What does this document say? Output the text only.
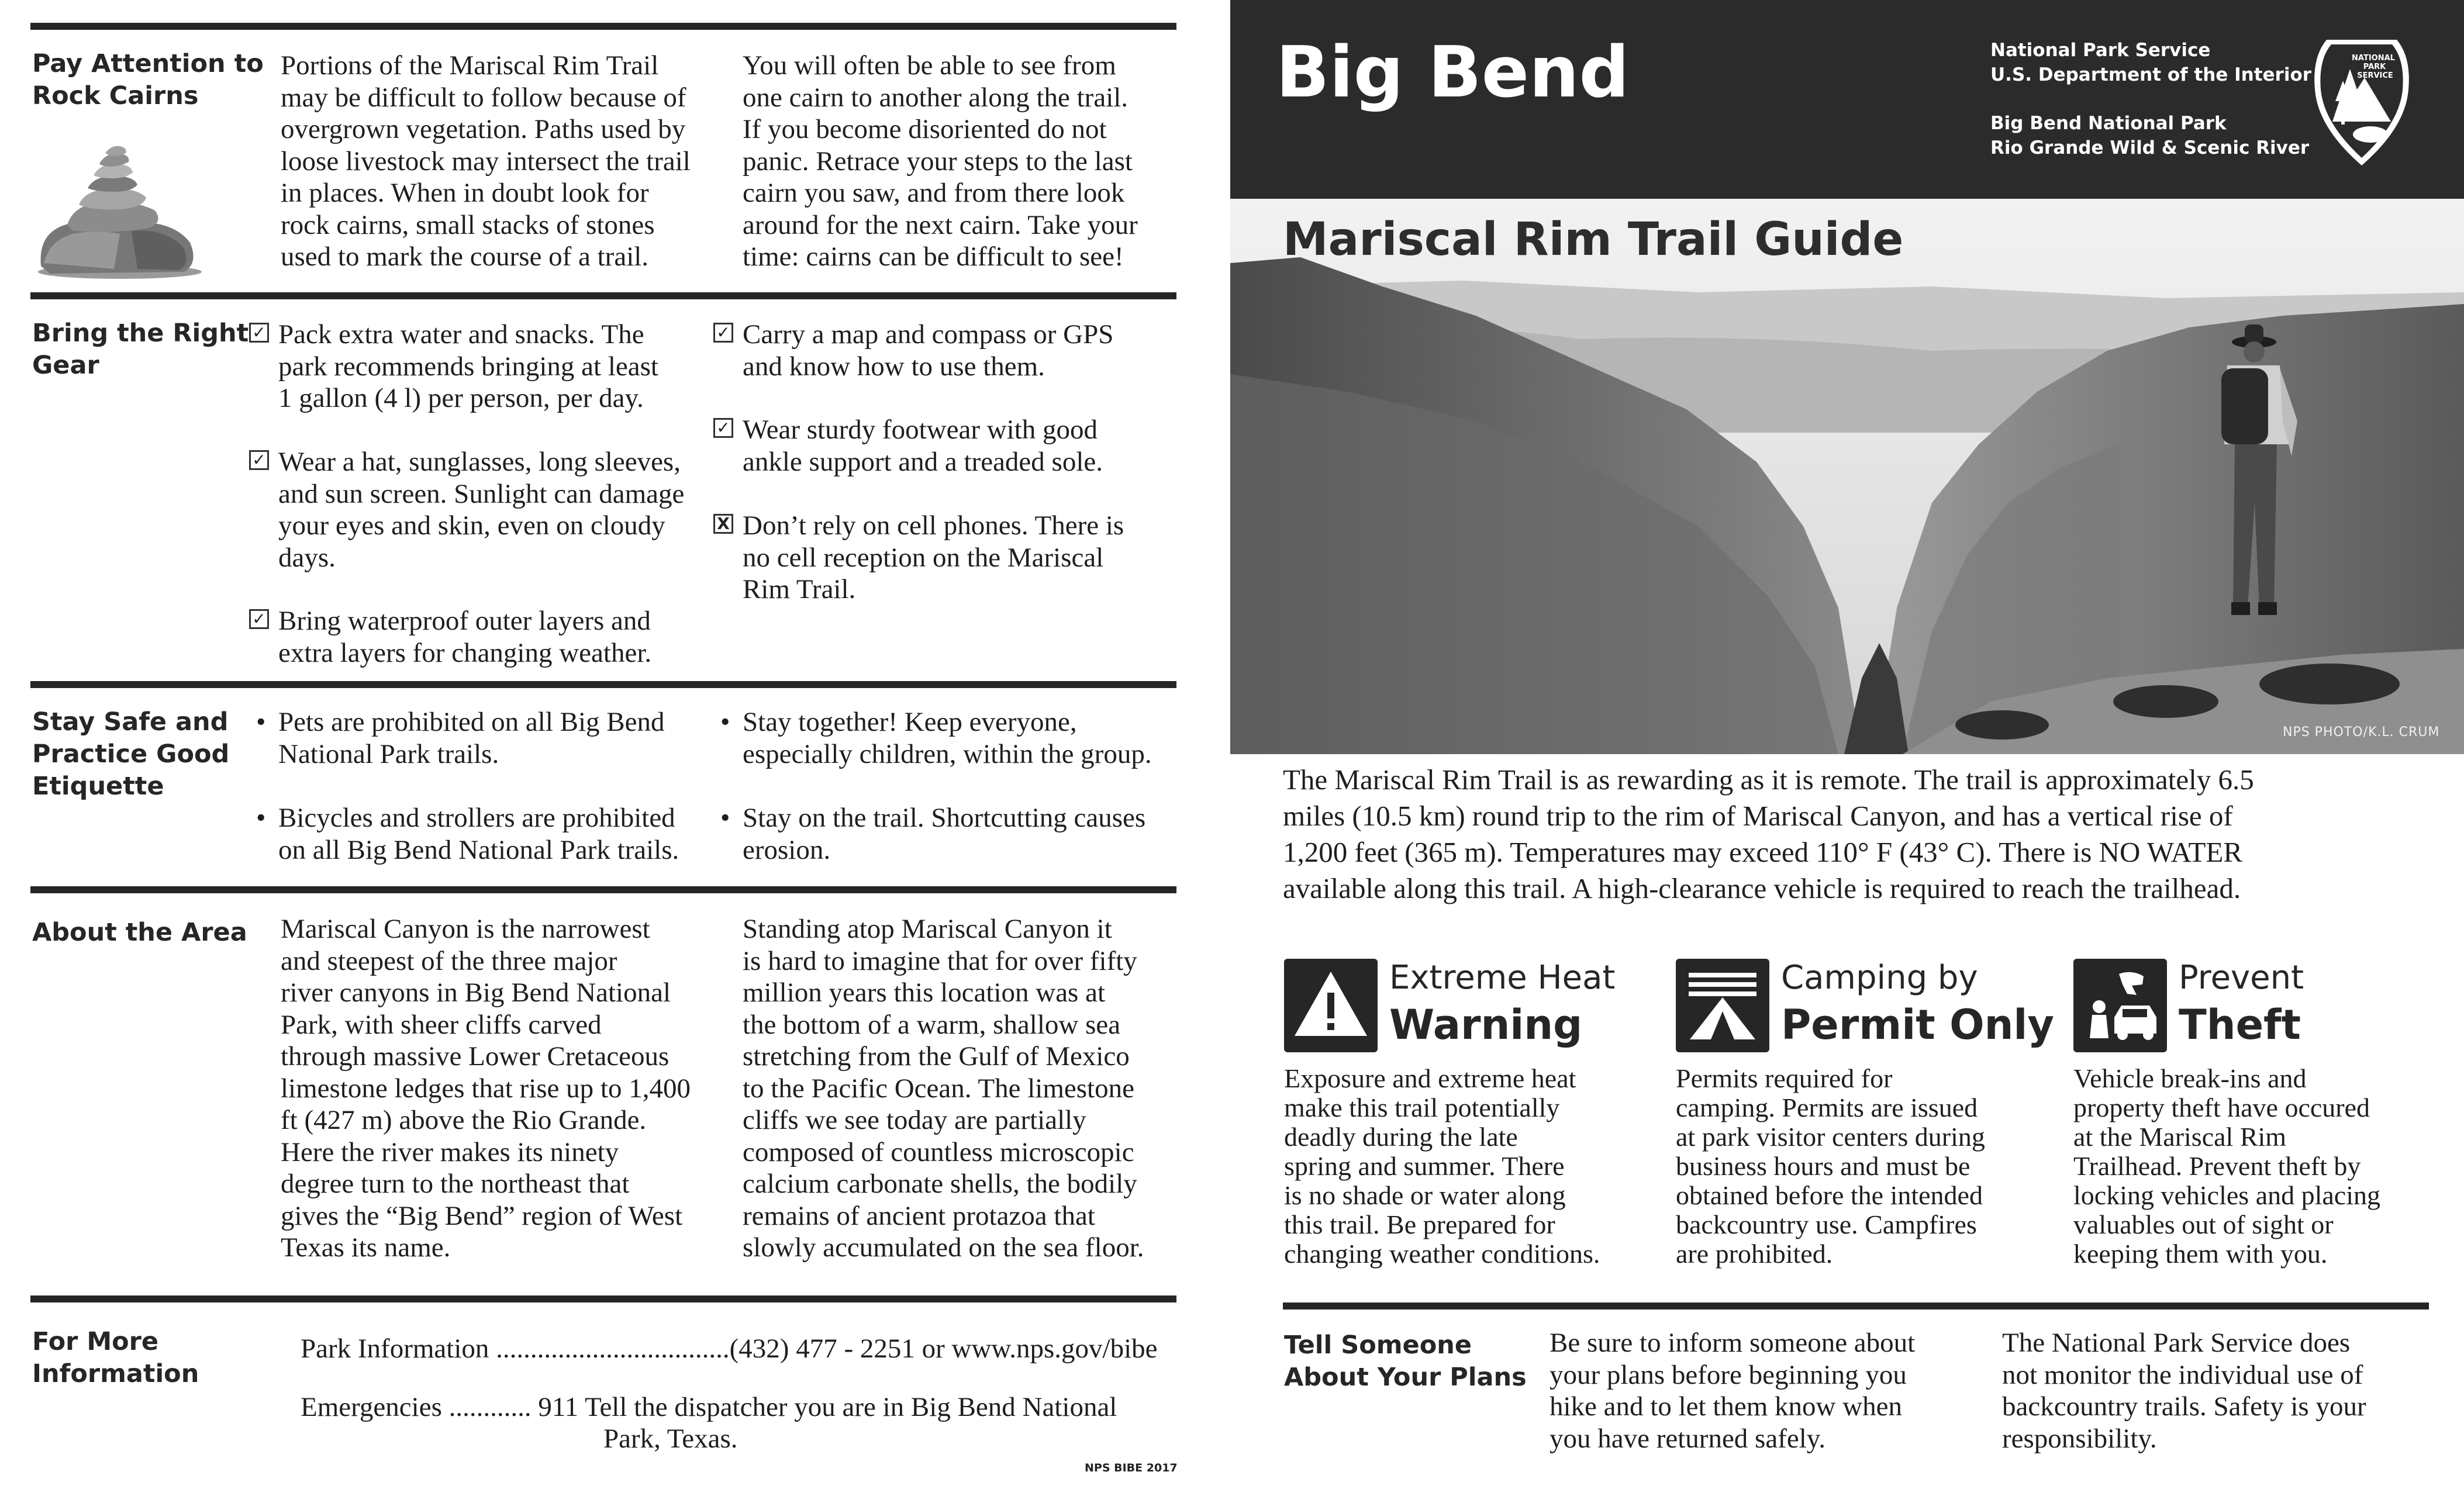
Pay Attention to
Rock Cairns
Portions of the Mariscal Rim Trail
may be difficult to follow because of
overgrown vegetation. Paths used by
loose livestock may intersect the trail
in places. When in doubt look for
rock cairns, small stacks of stones
used to mark the course of a trail.
You will often be able to see from
one cairn to another along the trail.
If you become disoriented do not
panic. Retrace your steps to the last
cairn you saw, and from there look
around for the next cairn. Take your
time: cairns can be difficult to see!
Bring the Right
Gear
✓ Pack extra water and snacks. The
park recommends bringing at least
1 gallon (4 l) per person, per day.
✓ Wear a hat, sunglasses, long sleeves,
and sun screen. Sunlight can damage
your eyes and skin, even on cloudy
days.
✓ Bring waterproof outer layers and
extra layers for changing weather.
✓ Carry a map and compass or GPS
and know how to use them.
✓ Wear sturdy footwear with good
ankle support and a treaded sole.
X Don’t rely on cell phones. There is
no cell reception on the Mariscal
Rim Trail.
Stay Safe and
Practice Good
Etiquette
• Pets are prohibited on all Big Bend
National Park trails.
• Bicycles and strollers are prohibited
on all Big Bend National Park trails.
• Stay together! Keep everyone,
especially children, within the group.
• Stay on the trail. Shortcutting causes
erosion.
About the Area Mariscal Canyon is the narrowest
and steepest of the three major
river canyons in Big Bend National
Park, with sheer cliffs carved
through massive Lower Cretaceous
limestone ledges that rise up to 1,400
ft (427 m) above the Rio Grande.
Here the river makes its ninety
degree turn to the northeast that
gives the “Big Bend” region of West
Texas its name.
Standing atop Mariscal Canyon it
is hard to imagine that for over fifty
million years this location was at
the bottom of a warm, shallow sea
stretching from the Gulf of Mexico
to the Pacific Ocean. The limestone
cliffs we see today are partially
composed of countless microscopic
calcium carbonate shells, the bodily
remains of ancient protazoa that
slowly accumulated on the sea floor.
For More
Information
Park Information ..................................(432) 477 - 2251 or www.nps.gov/bibe
Emergencies ............ 911 Tell the dispatcher you are in Big Bend National
Park, Texas.
NPS BIBE 2017
Big Bend	National Park Service
U.S. Department of the Interior
Big Bend National Park
Rio Grande Wild & Scenic River
NATIONAL
PARK
SERVICE
Mariscal Rim Trail Guide
NPS PHOTO/K.L. CRUM
The Mariscal Rim Trail is as rewarding as it is remote. The trail is approximately 6.5
miles (10.5 km) round trip to the rim of Mariscal Canyon, and has a vertical rise of
1,200 feet (365 m). Temperatures may exceed 110° F (43° C). There is NO WATER
available along this trail. A high-clearance vehicle is required to reach the trailhead.
Extreme Heat
Warning
Exposure and extreme heat
make this trail potentially
deadly during the late
spring and summer. There
is no shade or water along
this trail. Be prepared for
changing weather conditions.
Camping by
Permit Only
Permits required for
camping. Permits are issued
at park visitor centers during
business hours and must be
obtained before the intended
backcountry use. Campfires
are prohibited.
Prevent
Theft
Vehicle break-ins and
property theft have occured
at the Mariscal Rim
Trailhead. Prevent theft by
locking vehicles and placing
valuables out of sight or
keeping them with you.
Tell Someone
About Your Plans
Be sure to inform someone about
your plans before beginning you
hike and to let them know when
you have returned safely.
The National Park Service does
not monitor the individual use of
backcountry trails. Safety is your
responsibility.
